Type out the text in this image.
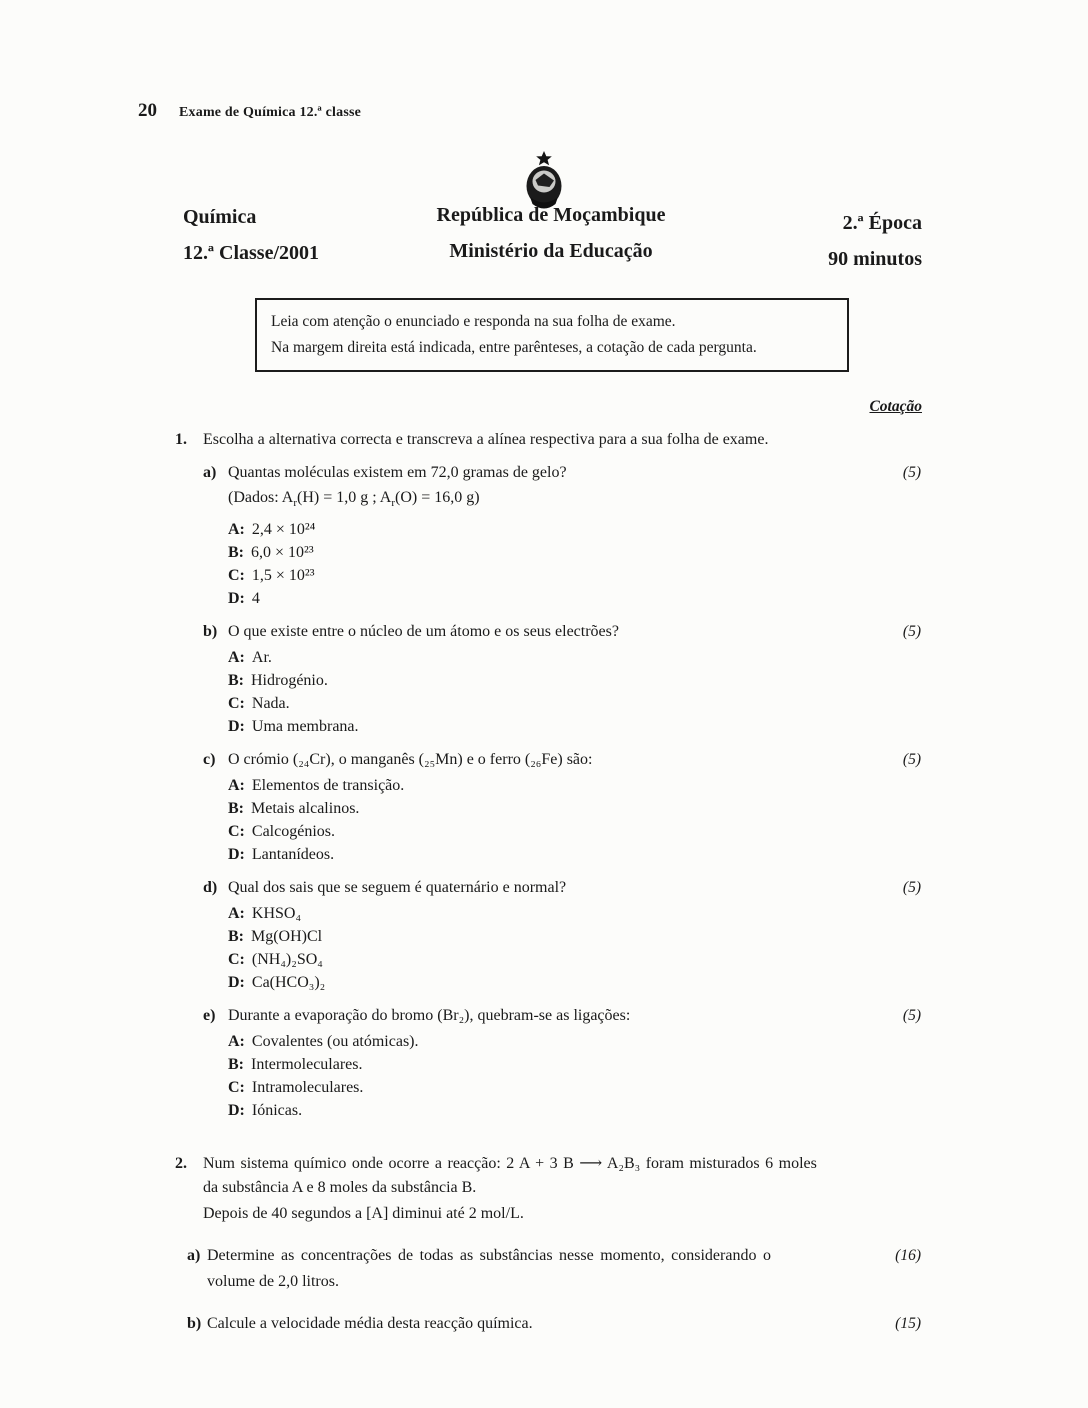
20 Exame de Química 12.ª classe
Química
12.ª Classe/2001
República de Moçambique
Ministério da Educação
2.ª Época
90 minutos
Leia com atenção o enunciado e responda na sua folha de exame.
Na margem direita está indicada, entre parênteses, a cotação de cada pergunta.
Cotação
1. Escolha a alternativa correcta e transcreva a alínea respectiva para a sua folha de exame.
a) Quantas moléculas existem em 72,0 gramas de gelo?	(5)
(Dados: $A_r(H) = 1,0$ g ; $A_r(O) = 16,0$ g)
A: 2,4 × 10²⁴
B: 6,0 × 10²³
C: 1,5 × 10²³
D: 4
b) O que existe entre o núcleo de um átomo e os seus electrões?	(5)
A: Ar.
B: Hidrogénio.
C: Nada.
D: Uma membrana.
c) O crómio (₂₄Cr), o manganês (₂₅Mn) e o ferro (₂₆Fe) são:	(5)
A: Elementos de transição.
B: Metais alcalinos.
C: Calcogénios.
D: Lantanídeos.
d) Qual dos sais que se seguem é quaternário e normal?	(5)
A: KHSO₄
B: Mg(OH)Cl
C: (NH₄)₂SO₄
D: Ca(HCO₃)₂
e) Durante a evaporação do bromo (Br₂), quebram-se as ligações:	(5)
A: Covalentes (ou atómicas).
B: Intermoleculares.
C: Intramoleculares.
D: Iónicas.
2. Num sistema químico onde ocorre a reacção: 2 A + 3 B ⟶ A₂B₃ foram misturados 6 moles
da substância A e 8 moles da substância B.
Depois de 40 segundos a [A] diminui até 2 mol/L.
a) Determine as concentrações de todas as substâncias nesse momento, considerando o	(16)
volume de 2,0 litros.
b) Calcule a velocidade média desta reacção química.	(15)
